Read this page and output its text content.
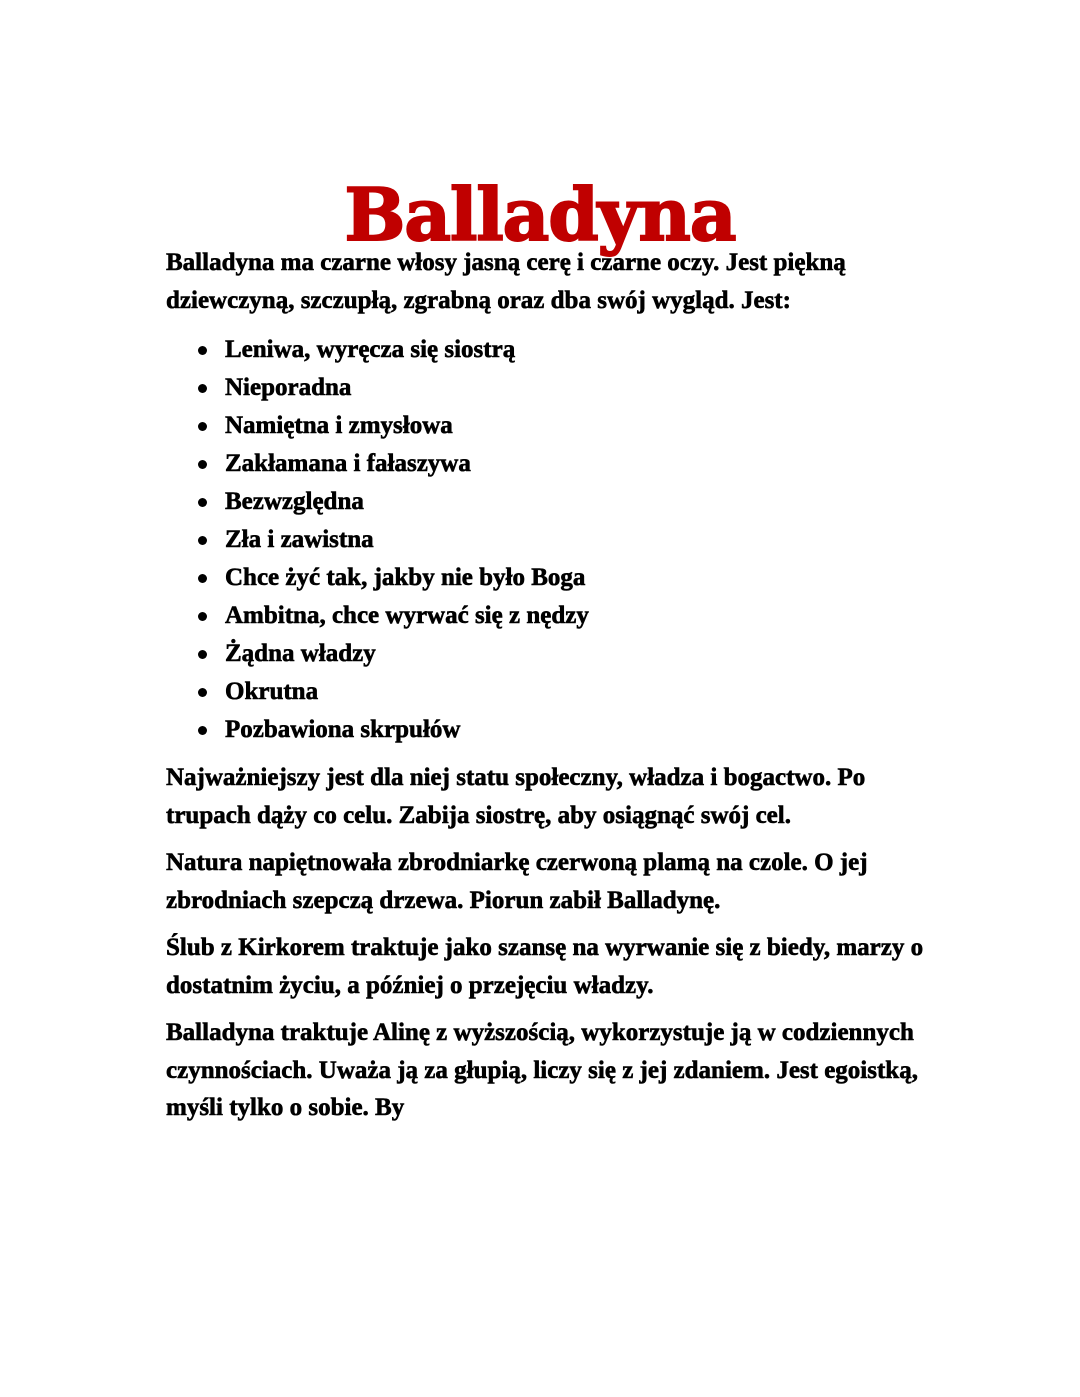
Balladyna

Balladyna ma czarne włosy jasną cerę i czarne oczy. Jest piękną dziewczyną, szczupłą, zgrabną oraz dba swój wygląd. Jest:

Leniwa, wyręcza się siostrą
Nieporadna
Namiętna i zmysłowa
Zakłamana i fałaszywa
Bezwzględna
Zła i zawistna
Chce żyć tak, jakby nie było Boga
Ambitna, chce wyrwać się z nędzy
Żądna władzy
Okrutna
Pozbawiona skrpułów

Najważniejszy jest dla niej statu społeczny, władza i bogactwo. Po trupach dąży co celu. Zabija siostrę, aby osiągnąć swój cel.

Natura napiętnowała zbrodniarkę czerwoną plamą na czole. O jej zbrodniach szepczą drzewa. Piorun zabił Balladynę.

Ślub z Kirkorem traktuje jako szansę na wyrwanie się z biedy, marzy o dostatnim życiu, a później o przejęciu władzy.

Balladyna traktuje Alinę z wyższością, wykorzystuje ją w codziennych czynnościach. Uważa ją za głupią, liczy się z jej zdaniem. Jest egoistką, myśli tylko o sobie. By
